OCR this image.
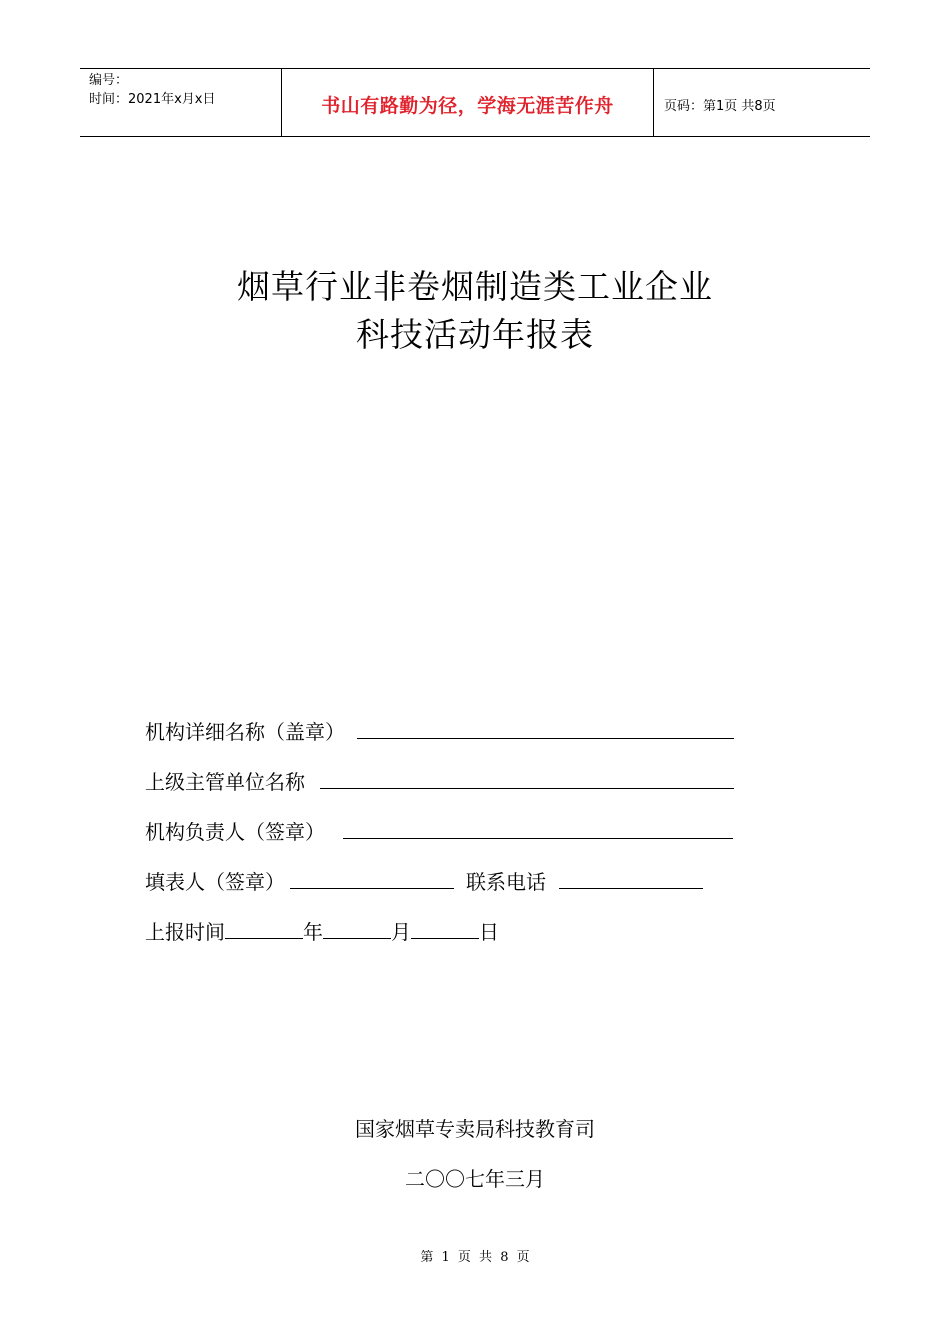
编号：
时间：2021年x月x日	书山有路勤为径，学海无涯苦作舟	页码：第1页 共8页
烟草行业非卷烟制造类工业企业
科技活动年报表
机构详细名称（盖章）
上级主管单位名称
机构负责人（签章）
填表人（签章）	联系电话
上报时间	年	月	日
国家烟草专卖局科技教育司
二〇〇七年三月
第 1 页 共 8 页
